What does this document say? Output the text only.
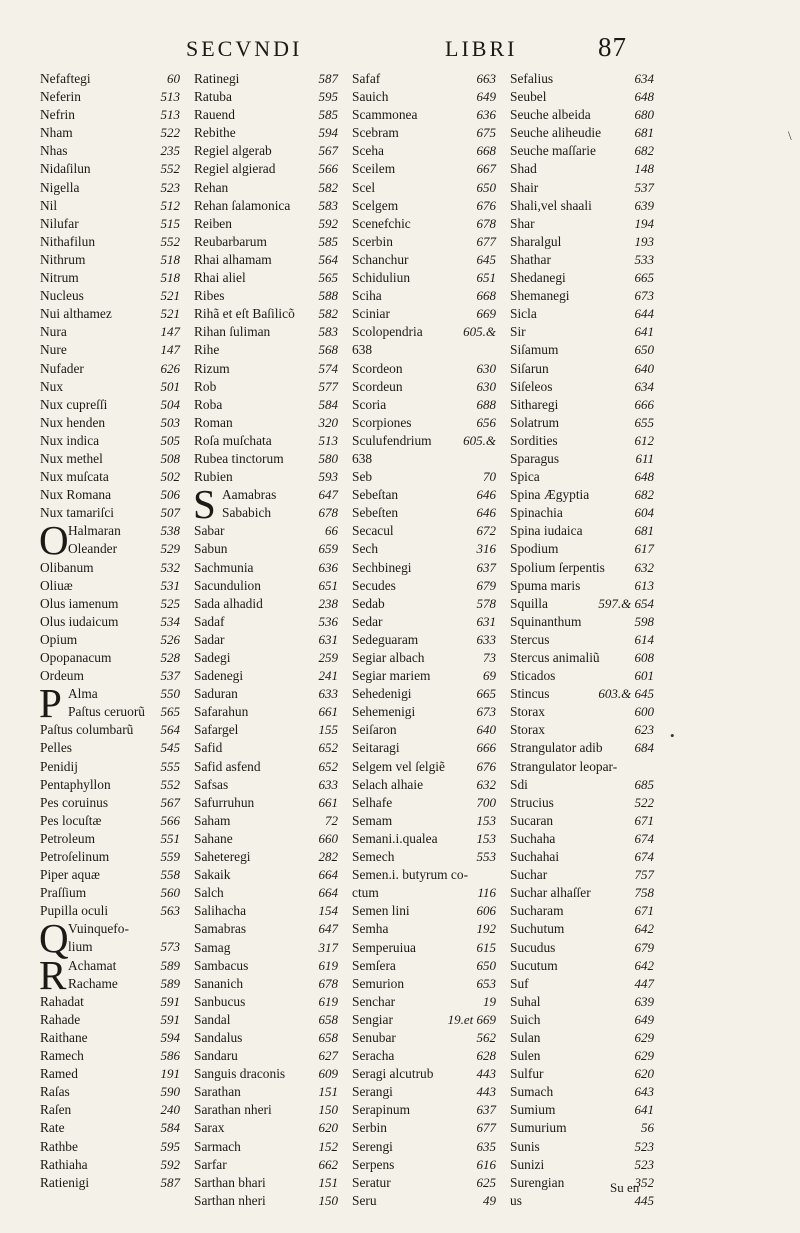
SECVNDI	LIBRI	87
Nefaftegi	60
Neferin	513
Nefrin	513
Nham	522
Nhas	235
Nidaſilun	552
Nigella	523
Nil	512
Nilufar	515
Nithafilun	552
Nithrum	518
Nitrum	518
Nucleus	521
Nui althamez	521
Nura	147
Nure	147
Nufader	626
Nux	501
Nux cupreſſi	504
Nux henden	503
Nux indica	505
Nux methel	508
Nux muſcata	502
Nux Romana	506
Nux tamariſci	507
O Halmaran	538
Oleander	529
Olibanum	532
Oliuæ	531
Olus iamenum	525
Olus iudaicum	534
Opium	526
Opopanacum	528
Ordeum	537
P Alma	550
Paſtus ceruorũ 565
Paſtus columbarũ 564
Pelles	545
Penidij	555
Pentaphyllon	552
Pes coruinus	567
Pes locuſtæ	566
Petroleum	551
Petroſelinum	559
Piper aquæ	558
Praſſium	560
Pupilla oculi	563
Q Vuinquefo-
lium	573
R Achamat	589
Rachame	589
Rahadat	591
Rahade	591
Raithane	594
Ramech	586
Ramed	191
Raſas	590
Raſen	240
Rate	584
Rathbe	595
Rathiaha	592
Ratienigi	587
Ratinegi	587
Ratuba	595
Rauend	585
Rebithe	594
Regiel algerab	567
Regiel algierad	566
Rehan	582
Rehan ſalamonica 583
Reiben	592
Reubarbarum	585
Rhai alhamam	564
Rhai aliel	565
Ribes	588
Rihã et eſt Baſilicõ 582
Rihan ſuliman	583
Rihe	568
Rizum	574
Rob	577
Roba	584
Roman	320
Roſa muſchata	513
Rubea tinctorum	580
Rubien	593
S Aamabras	647
Sababich	678
Sabar	66
Sabun	659
Sachmunia	636
Sacundulion	651
Sada alhadid	238
Sadaf	536
Sadar	631
Sadegi	259
Sadenegi	241
Saduran	633
Safarahun	661
Safargel	155
Safid	652
Safid asfend	652
Safsas	633
Safurruhun	661
Saham	72
Sahane	660
Saheteregi	282
Sakaik	664
Salch	664
Salihacha	154
Samabras	647
Samag	317
Sambacus	619
Sananich	678
Sanbucus	619
Sandal	658
Sandalus	658
Sandaru	627
Sanguis draconis	609
Sarathan	151
Sarathan nheri	150
Sarax	620
Sarmach	152
Sarfar	662
Sarthan bhari	151
Sarthan nheri	150
Safaf	663
Sauich	649
Scammonea	636
Scebram	675
Sceha	668
Sceilem	667
Scel	650
Scelgem	676
Scenefchic	678
Scerbin	677
Schanchur	645
Schiduliun	651
Sciha	668
Sciniar	669
Scolopendria	605.&
638
Scordeon	630
Scordeun	630
Scoria	688
Scorpiones	656
Sculufendrium 605.&
638
Seb	70
Sebeſtan	646
Sebeſten	646
Secacul	672
Sech	316
Sechbinegi	637
Secudes	679
Sedab	578
Sedar	631
Sedeguaram	633
Segiar albach	73
Segiar mariem	69
Sehedenigi	665
Sehemenigi	673
Seiſaron	640
Seitaragi	666
Selgem vel ſelgiẽ 676
Selach alhaie	632
Selhafe	700
Semam	153
Semani.i.qualea	153
Semech	553
Semen.i. butyrum co-
ctum	116
Semen lini	606
Semha	192
Semperuiua	615
Semſera	650
Semurion	653
Senchar	19
Sengiar	19.et 669
Senubar	562
Seracha	628
Seragi alcutrub	443
Serangi	443
Serapinum	637
Serbin	677
Serengi	635
Serpens	616
Seratur	625
Seru	49
Sefalius	634
Seubel	648
Seuche albeida	680
Seuche aliheudie	681
Seuche maſſarie	682
Shad	148
Shair	537
Shali,vel shaali	639
Shar	194
Sharalgul	193
Shathar	533
Shedanegi	665
Shemanegi	673
Sicla	644
Sir	641
Siſamum	650
Siſarun	640
Siſeleos	634
Sitharegi	666
Solatrum	655
Sordities	612
Sparagus	611
Spica	648
Spina Ægyptia	682
Spinachia	604
Spina iudaica	681
Spodium	617
Spolium ſerpentis 632
Spuma maris	613
Squilla	597.& 654
Squinanthum	598
Stercus	614
Stercus animaliũ	608
Sticados	601
Stincus	603.& 645
Storax	600
Storax	623
Strangulator adib 684
Strangulator leopar-
Sdi	685
Strucius	522
Sucaran	671
Suchaha	674
Suchahai	674
Suchar	757
Suchar alhaſſer	758
Sucharam	671
Suchutum	642
Sucudus	679
Sucutum	642
Suf	447
Suhal	639
Suich	649
Sulan	629
Sulen	629
Sulfur	620
Sumach	643
Sumium	641
Sumurium	56
Sunis	523
Sunizi	523
Surengian	352
us	445
\
•
Su en
